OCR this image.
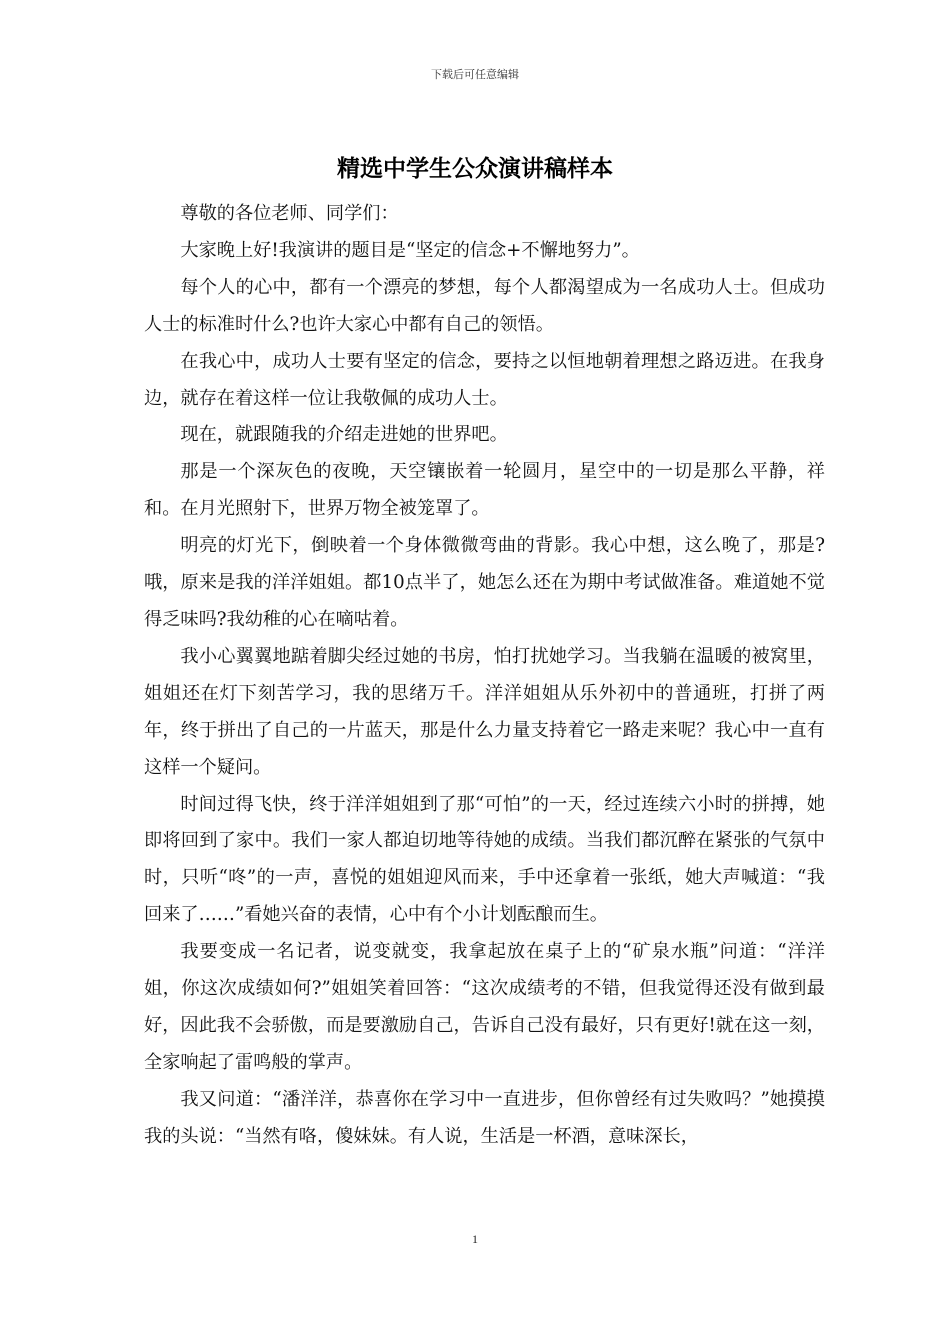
下载后可任意编辑
精选中学生公众演讲稿样本

尊敬的各位老师、同学们：

大家晚上好!我演讲的题目是“坚定的信念+不懈地努力”。

每个人的心中，都有一个漂亮的梦想，每个人都渴望成为一名成功人士。但成功人士的标准时什么?也许大家心中都有自己的领悟。

在我心中，成功人士要有坚定的信念，要持之以恒地朝着理想之路迈进。在我身边，就存在着这样一位让我敬佩的成功人士。

现在，就跟随我的介绍走进她的世界吧。

那是一个深灰色的夜晚，天空镶嵌着一轮圆月，星空中的一切是那么平静，祥和。在月光照射下，世界万物全被笼罩了。

明亮的灯光下，倒映着一个身体微微弯曲的背影。我心中想，这么晚了，那是?哦，原来是我的洋洋姐姐。都10点半了，她怎么还在为期中考试做准备。难道她不觉得乏味吗?我幼稚的心在嘀咕着。

我小心翼翼地踮着脚尖经过她的书房，怕打扰她学习。当我躺在温暖的被窝里，姐姐还在灯下刻苦学习，我的思绪万千。洋洋姐姐从乐外初中的普通班，打拼了两年，终于拼出了自己的一片蓝天，那是什么力量支持着它一路走来呢？我心中一直有这样一个疑问。

时间过得飞快，终于洋洋姐姐到了那“可怕”的一天，经过连续六小时的拼搏，她即将回到了家中。我们一家人都迫切地等待她的成绩。当我们都沉醉在紧张的气氛中时，只听“咚”的一声，喜悦的姐姐迎风而来，手中还拿着一张纸，她大声喊道：“我回来了……”看她兴奋的表情，心中有个小计划酝酿而生。

我要变成一名记者，说变就变，我拿起放在桌子上的“矿泉水瓶”问道：“洋洋姐，你这次成绩如何?”姐姐笑着回答：“这次成绩考的不错，但我觉得还没有做到最好，因此我不会骄傲，而是要激励自己，告诉自己没有最好，只有更好!就在这一刻，全家响起了雷鸣般的掌声。

我又问道：“潘洋洋，恭喜你在学习中一直进步，但你曾经有过失败吗？”她摸摸我的头说：“当然有咯，傻妹妹。有人说，生活是一杯酒，意味深长，

1
